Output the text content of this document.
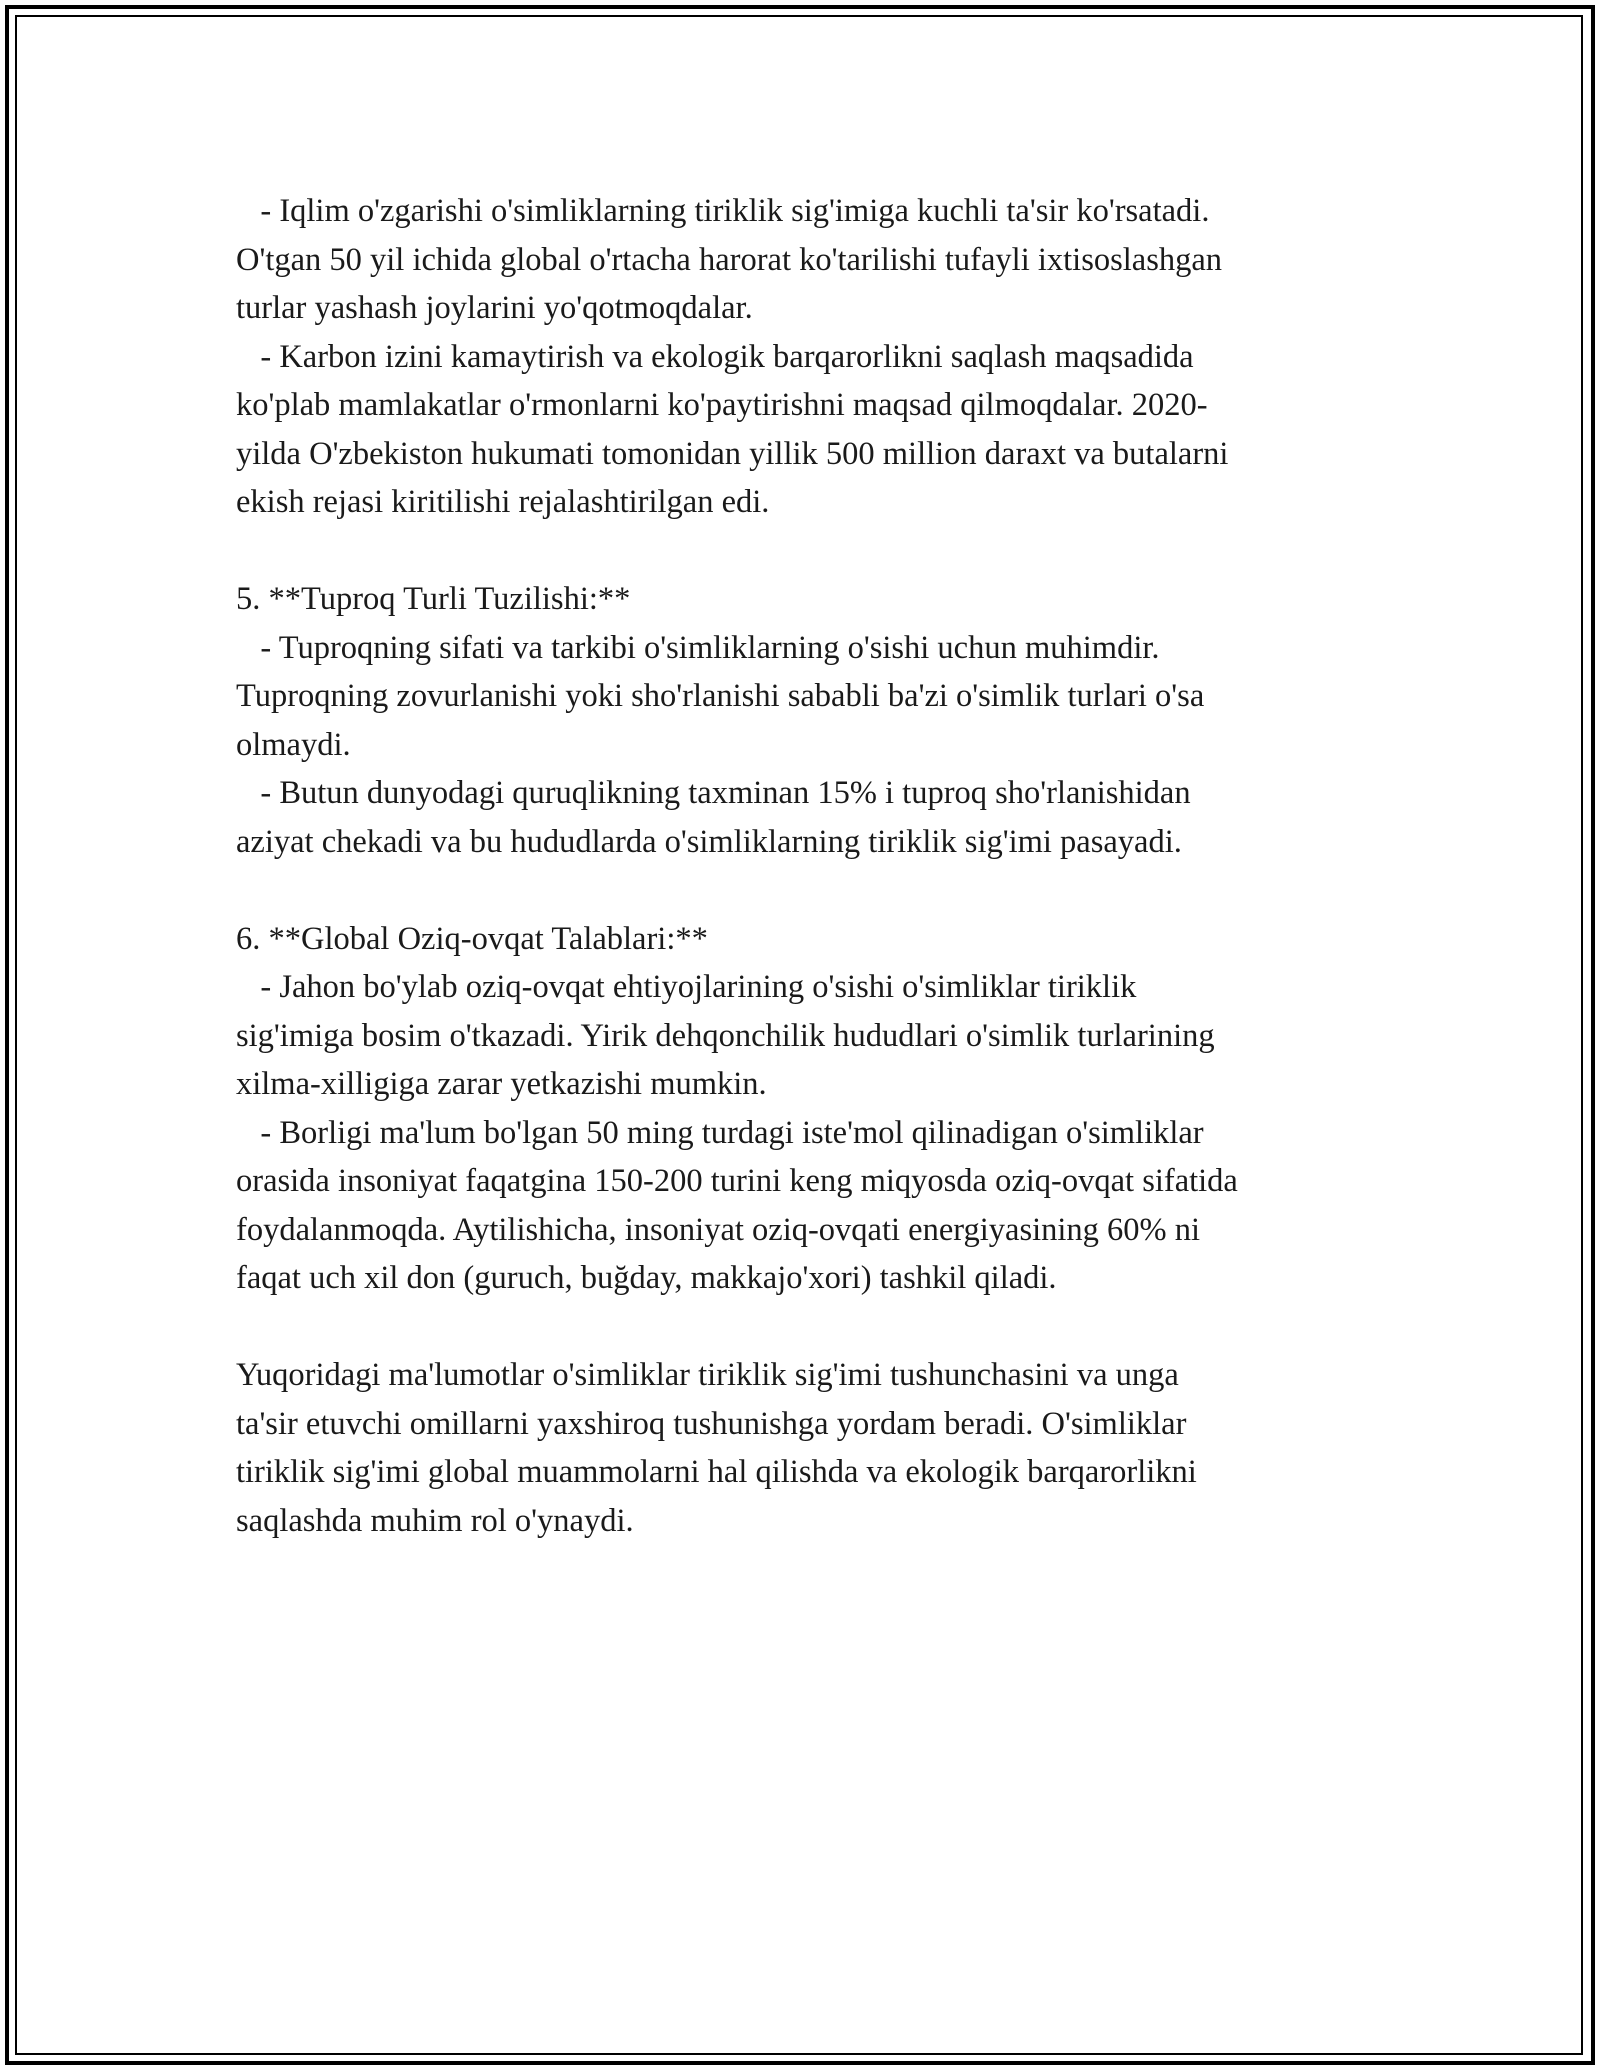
- Iqlim o'zgarishi o'simliklarning tiriklik sig'imiga kuchli ta'sir ko'rsatadi.
O'tgan 50 yil ichida global o'rtacha harorat ko'tarilishi tufayli ixtisoslashgan
turlar yashash joylarini yo'qotmoqdalar.
- Karbon izini kamaytirish va ekologik barqarorlikni saqlash maqsadida
ko'plab mamlakatlar o'rmonlarni ko'paytirishni maqsad qilmoqdalar. 2020-
yilda O'zbekiston hukumati tomonidan yillik 500 million daraxt va butalarni
ekish rejasi kiritilishi rejalashtirilgan edi.
5. **Tuproq Turli Tuzilishi:**
- Tuproqning sifati va tarkibi o'simliklarning o'sishi uchun muhimdir.
Tuproqning zovurlanishi yoki sho'rlanishi sababli ba'zi o'simlik turlari o'sa
olmaydi.
- Butun dunyodagi quruqlikning taxminan 15% i tuproq sho'rlanishidan
aziyat chekadi va bu hududlarda o'simliklarning tiriklik sig'imi pasayadi.
6. **Global Oziq-ovqat Talablari:**
- Jahon bo'ylab oziq-ovqat ehtiyojlarining o'sishi o'simliklar tiriklik
sig'imiga bosim o'tkazadi. Yirik dehqonchilik hududlari o'simlik turlarining
xilma-xilligiga zarar yetkazishi mumkin.
- Borligi ma'lum bo'lgan 50 ming turdagi iste'mol qilinadigan o'simliklar
orasida insoniyat faqatgina 150-200 turini keng miqyosda oziq-ovqat sifatida
foydalanmoqda. Aytilishicha, insoniyat oziq-ovqati energiyasining 60% ni
faqat uch xil don (guruch, buğday, makkajo'xori) tashkil qiladi.
Yuqoridagi ma'lumotlar o'simliklar tiriklik sig'imi tushunchasini va unga
ta'sir etuvchi omillarni yaxshiroq tushunishga yordam beradi. O'simliklar
tiriklik sig'imi global muammolarni hal qilishda va ekologik barqarorlikni
saqlashda muhim rol o'ynaydi.
